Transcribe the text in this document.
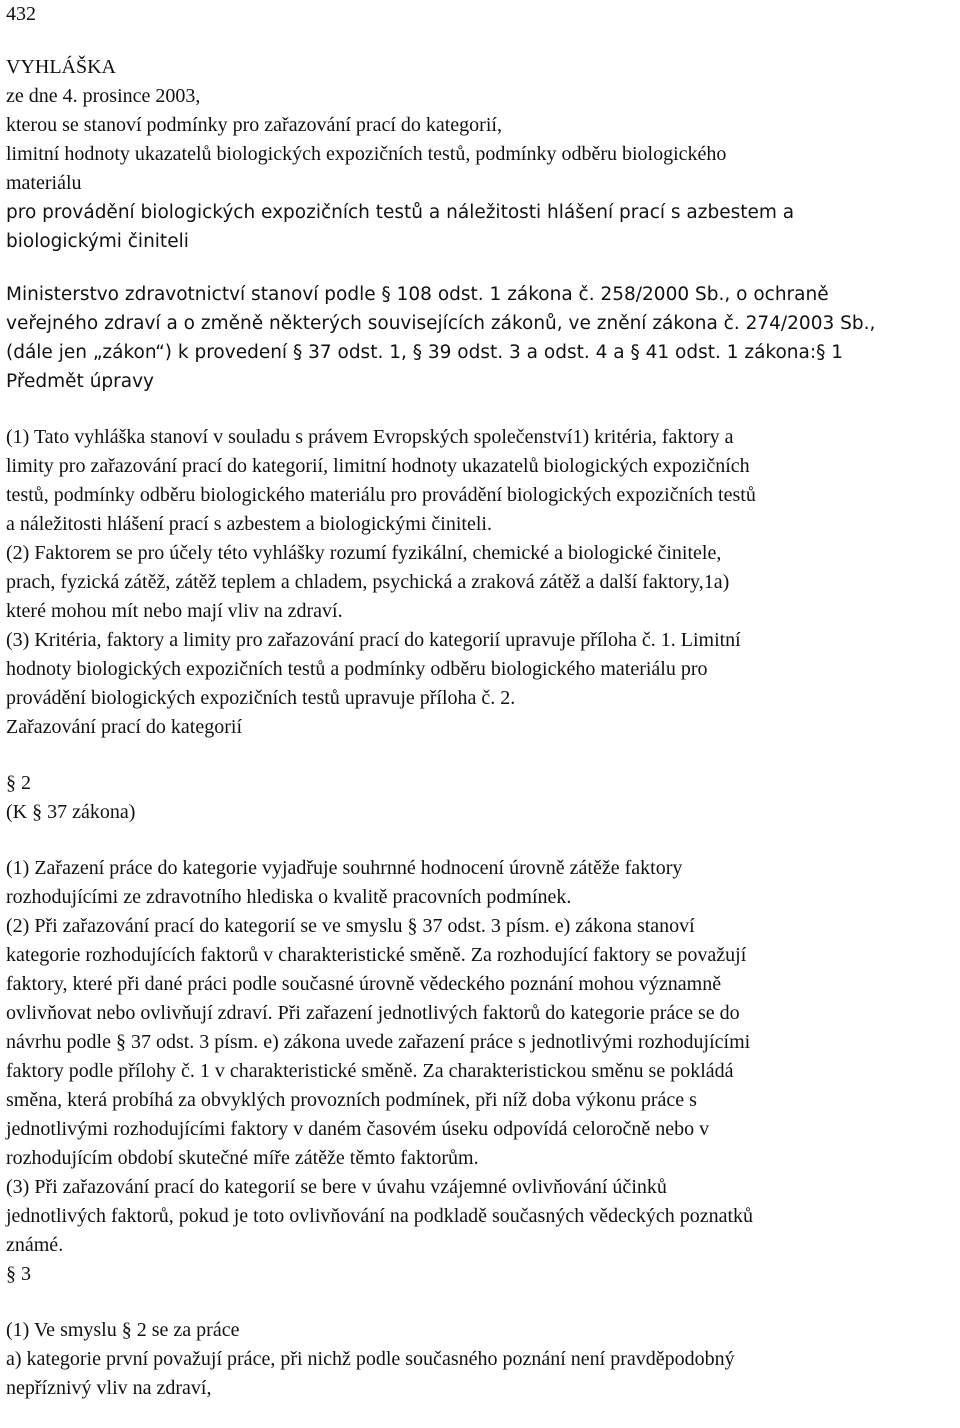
432
VYHLÁŠKA
ze dne 4. prosince 2003,
kterou se stanoví podmínky pro zařazování prací do kategorií,
limitní hodnoty ukazatelů biologických expozičních testů, podmínky odběru biologického
materiálu
pro provádění biologických expozičních testů a náležitosti hlášení prací s azbestem a
biologickými činiteli
Ministerstvo zdravotnictví stanoví podle § 108 odst. 1 zákona č. 258/2000 Sb., o ochraně
veřejného zdraví a o změně některých souvisejících zákonů, ve znění zákona č. 274/2003 Sb.,
(dále jen „zákon“) k provedení § 37 odst. 1, § 39 odst. 3 a odst. 4 a § 41 odst. 1 zákona:§ 1
Předmět úpravy
(1) Tato vyhláška stanoví v souladu s právem Evropských společenství1) kritéria, faktory a
limity pro zařazování prací do kategorií, limitní hodnoty ukazatelů biologických expozičních
testů, podmínky odběru biologického materiálu pro provádění biologických expozičních testů
a náležitosti hlášení prací s azbestem a biologickými činiteli.
(2) Faktorem se pro účely této vyhlášky rozumí fyzikální, chemické a biologické činitele,
prach, fyzická zátěž, zátěž teplem a chladem, psychická a zraková zátěž a další faktory,1a)
které mohou mít nebo mají vliv na zdraví.
(3) Kritéria, faktory a limity pro zařazování prací do kategorií upravuje příloha č. 1. Limitní
hodnoty biologických expozičních testů a podmínky odběru biologického materiálu pro
provádění biologických expozičních testů upravuje příloha č. 2.
Zařazování prací do kategorií
§ 2
(K § 37 zákona)
(1) Zařazení práce do kategorie vyjadřuje souhrnné hodnocení úrovně zátěže faktory
rozhodujícími ze zdravotního hlediska o kvalitě pracovních podmínek.
(2) Při zařazování prací do kategorií se ve smyslu § 37 odst. 3 písm. e) zákona stanoví
kategorie rozhodujících faktorů v charakteristické směně. Za rozhodující faktory se považují
faktory, které při dané práci podle současné úrovně vědeckého poznání mohou významně
ovlivňovat nebo ovlivňují zdraví. Při zařazení jednotlivých faktorů do kategorie práce se do
návrhu podle § 37 odst. 3 písm. e) zákona uvede zařazení práce s jednotlivými rozhodujícími
faktory podle přílohy č. 1 v charakteristické směně. Za charakteristickou směnu se pokládá
směna, která probíhá za obvyklých provozních podmínek, při níž doba výkonu práce s
jednotlivými rozhodujícími faktory v daném časovém úseku odpovídá celoročně nebo v
rozhodujícím období skutečné míře zátěže těmto faktorům.
(3) Při zařazování prací do kategorií se bere v úvahu vzájemné ovlivňování účinků
jednotlivých faktorů, pokud je toto ovlivňování na podkladě současných vědeckých poznatků
známé.
§ 3
(1) Ve smyslu § 2 se za práce
a) kategorie první považují práce, při nichž podle současného poznání není pravděpodobný
nepříznivý vliv na zdraví,
